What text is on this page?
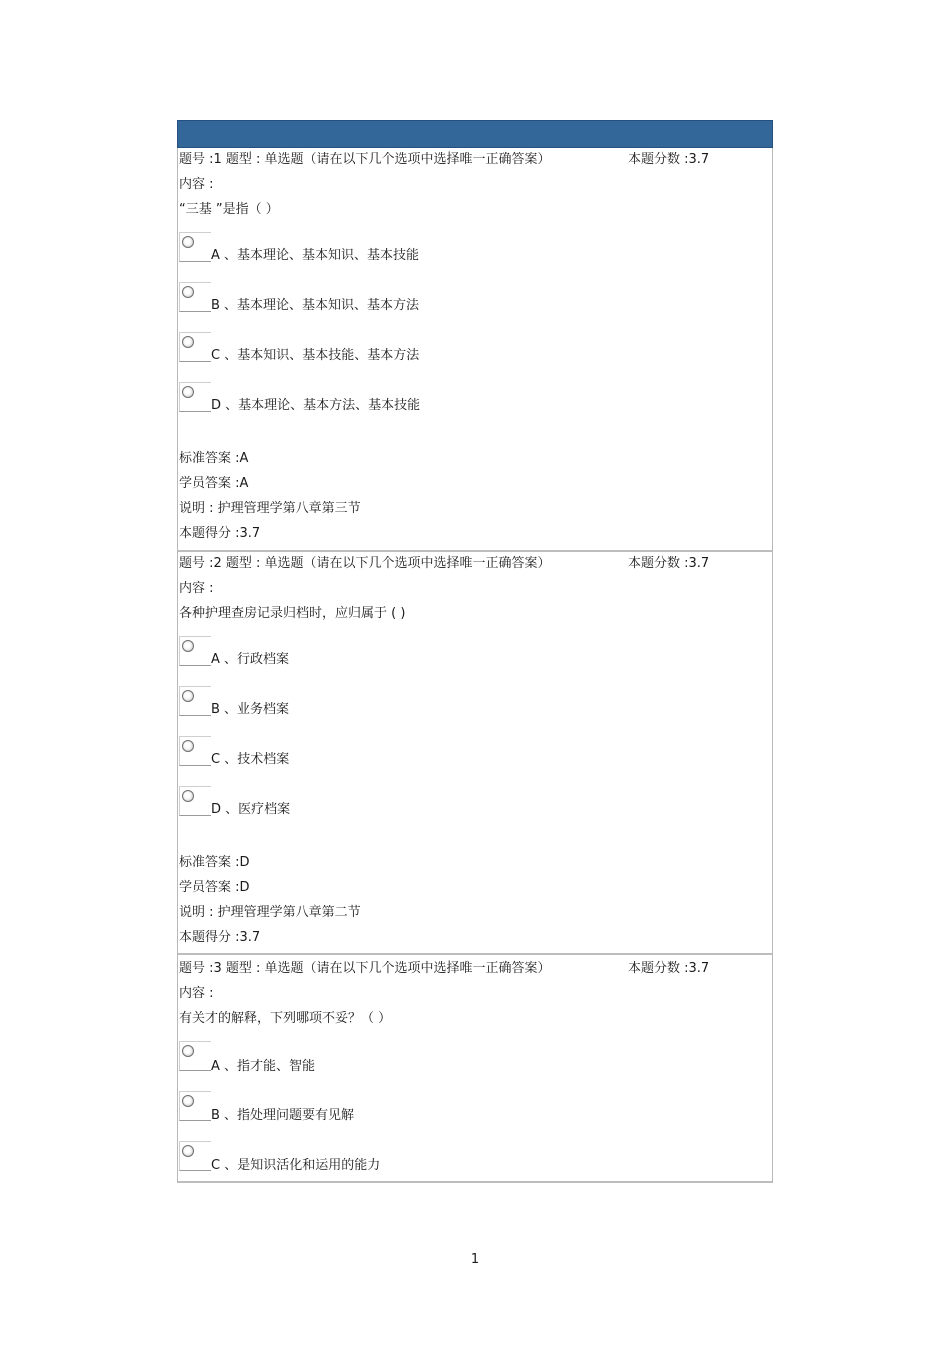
题号 :1 题型 : 单选题（请在以下几个选项中选择唯一正确答案）	本题分数 :3.7
内容 :
“三基 ”是指（ ）
A 、基本理论、基本知识、基本技能
B 、基本理论、基本知识、基本方法
C 、基本知识、基本技能、基本方法
D 、基本理论、基本方法、基本技能
标准答案 :A
学员答案 :A
说明 : 护理管理学第八章第三节
本题得分 :3.7
题号 :2 题型 : 单选题（请在以下几个选项中选择唯一正确答案）	本题分数 :3.7
内容 :
各种护理查房记录归档时，应归属于 ( )
A 、行政档案
B 、业务档案
C 、技术档案
D 、医疗档案
标准答案 :D
学员答案 :D
说明 : 护理管理学第八章第二节
本题得分 :3.7
题号 :3 题型 : 单选题（请在以下几个选项中选择唯一正确答案）	本题分数 :3.7
内容 :
有关才的解释，下列哪项不妥？（ ）
A 、指才能、智能
B 、指处理问题要有见解
C 、是知识活化和运用的能力
1
